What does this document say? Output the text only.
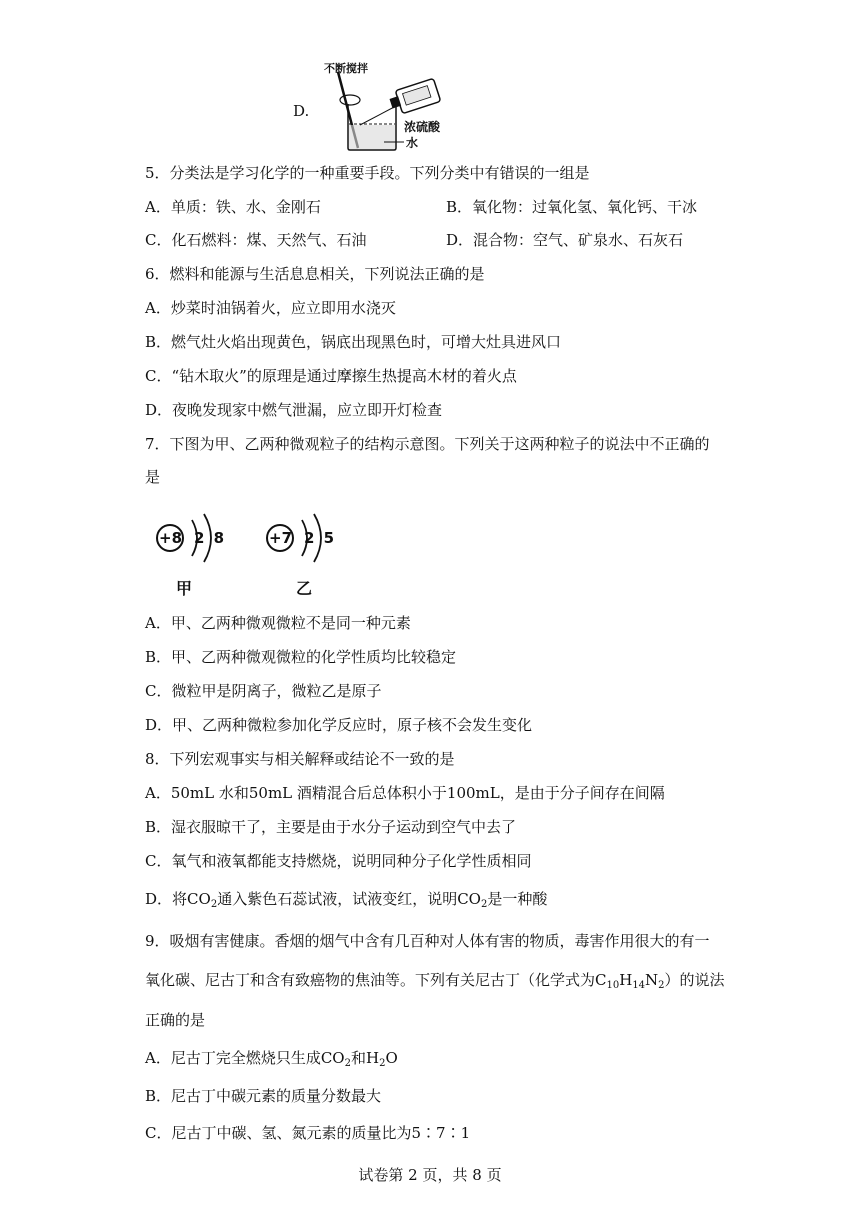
D.
不断搅拌
浓硫酸
水
5．分类法是学习化学的一种重要手段。下列分类中有错误的一组是
A．单质：铁、水、金刚石	B．氧化物：过氧化氢、氧化钙、干冰
C．化石燃料：煤、天然气、石油	D．混合物：空气、矿泉水、石灰石
6．燃料和能源与生活息息相关，下列说法正确的是
A．炒菜时油锅着火，应立即用水浇灭
B．燃气灶火焰出现黄色，锅底出现黑色时，可增大灶具进风口
C．“钻木取火”的原理是通过摩擦生热提高木材的着火点
D．夜晚发现家中燃气泄漏，应立即开灯检查
7．下图为甲、乙两种微观粒子的结构示意图。下列关于这两种粒子的说法中不正确的
是
+8 2 8
甲
+7 2 5
乙
A．甲、乙两种微观微粒不是同一种元素
B．甲、乙两种微观微粒的化学性质均比较稳定
C．微粒甲是阴离子，微粒乙是原子
D．甲、乙两种微粒参加化学反应时，原子核不会发生变化
8．下列宏观事实与相关解释或结论不一致的是
A．50mL 水和50mL 酒精混合后总体积小于100mL，是由于分子间存在间隔
B．湿衣服晾干了，主要是由于水分子运动到空气中去了
C．氧气和液氧都能支持燃烧，说明同种分子化学性质相同
D．将$CO_2$通入紫色石蕊试液，试液变红，说明$CO_2$是一种酸
9．吸烟有害健康。香烟的烟气中含有几百种对人体有害的物质，毒害作用很大的有一
氧化碳、尼古丁和含有致癌物的焦油等。下列有关尼古丁（化学式为$C_{10}H_{14}N_2$）的说法
正确的是
A．尼古丁完全燃烧只生成$CO_2$和$H_2O$
B．尼古丁中碳元素的质量分数最大
C．尼古丁中碳、氢、氮元素的质量比为5∶7∶1
试卷第 2 页，共 8 页
